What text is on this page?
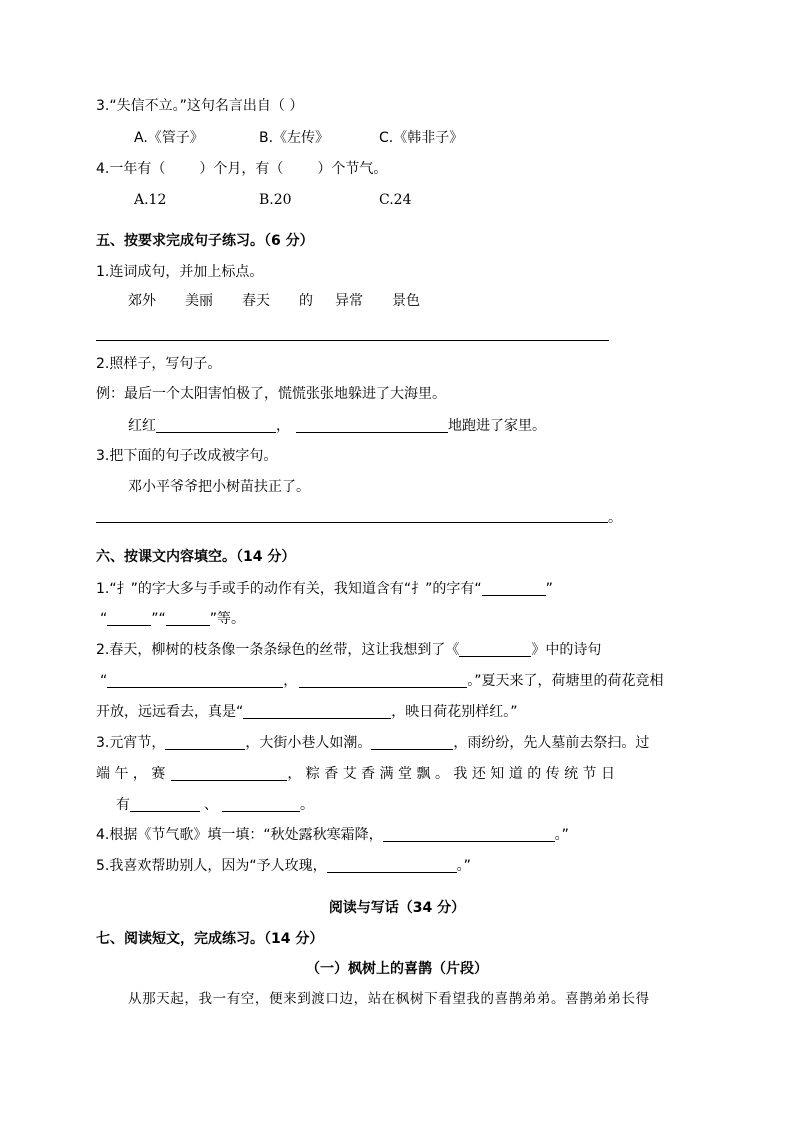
3.“失信不立。”这句名言出自（ ）
A.《管子》	B.《左传》	C.《韩非子》
4.一年有（ ）个月，有（ ）个节气。
A.12	B.20	C.24
五、按要求完成句子练习。（6 分）
1.连词成句，并加上标点。
郊外 美丽 春天 的 异常 景色
2.照样子，写句子。
例：最后一个太阳害怕极了，慌慌张张地躲进了大海里。
红红	，	地跑进了家里。
3.把下面的句子改成被字句。
邓小平爷爷把小树苗扶正了。
。
六、按课文内容填空。（14 分）
1.“扌”的字大多与手或手的动作有关，我知道含有“扌”的字有“	”
“	”“	”等。
2.春天，柳树的枝条像一条条绿色的丝带，这让我想到了《	》中的诗句
“	，	。”夏天来了，荷塘里的荷花竞相
开放，远远看去，真是“	，映日荷花别样红。”
3.元宵节，	，大街小巷人如潮。	，雨纷纷，先人墓前去祭扫。过
端 午 ， 赛	， 粽 香 艾 香 满 堂 飘 。 我 还 知 道 的 传 统 节 日
有	、	。
4.根据《节气歌》填一填：“秋处露秋寒霜降，	。”
5.我喜欢帮助别人，因为“予人玫瑰，	。”
阅读与写话（34 分）
七、阅读短文，完成练习。（14 分）
（一）枫树上的喜鹊（片段）
从那天起，我一有空，便来到渡口边，站在枫树下看望我的喜鹊弟弟。喜鹊弟弟长得
